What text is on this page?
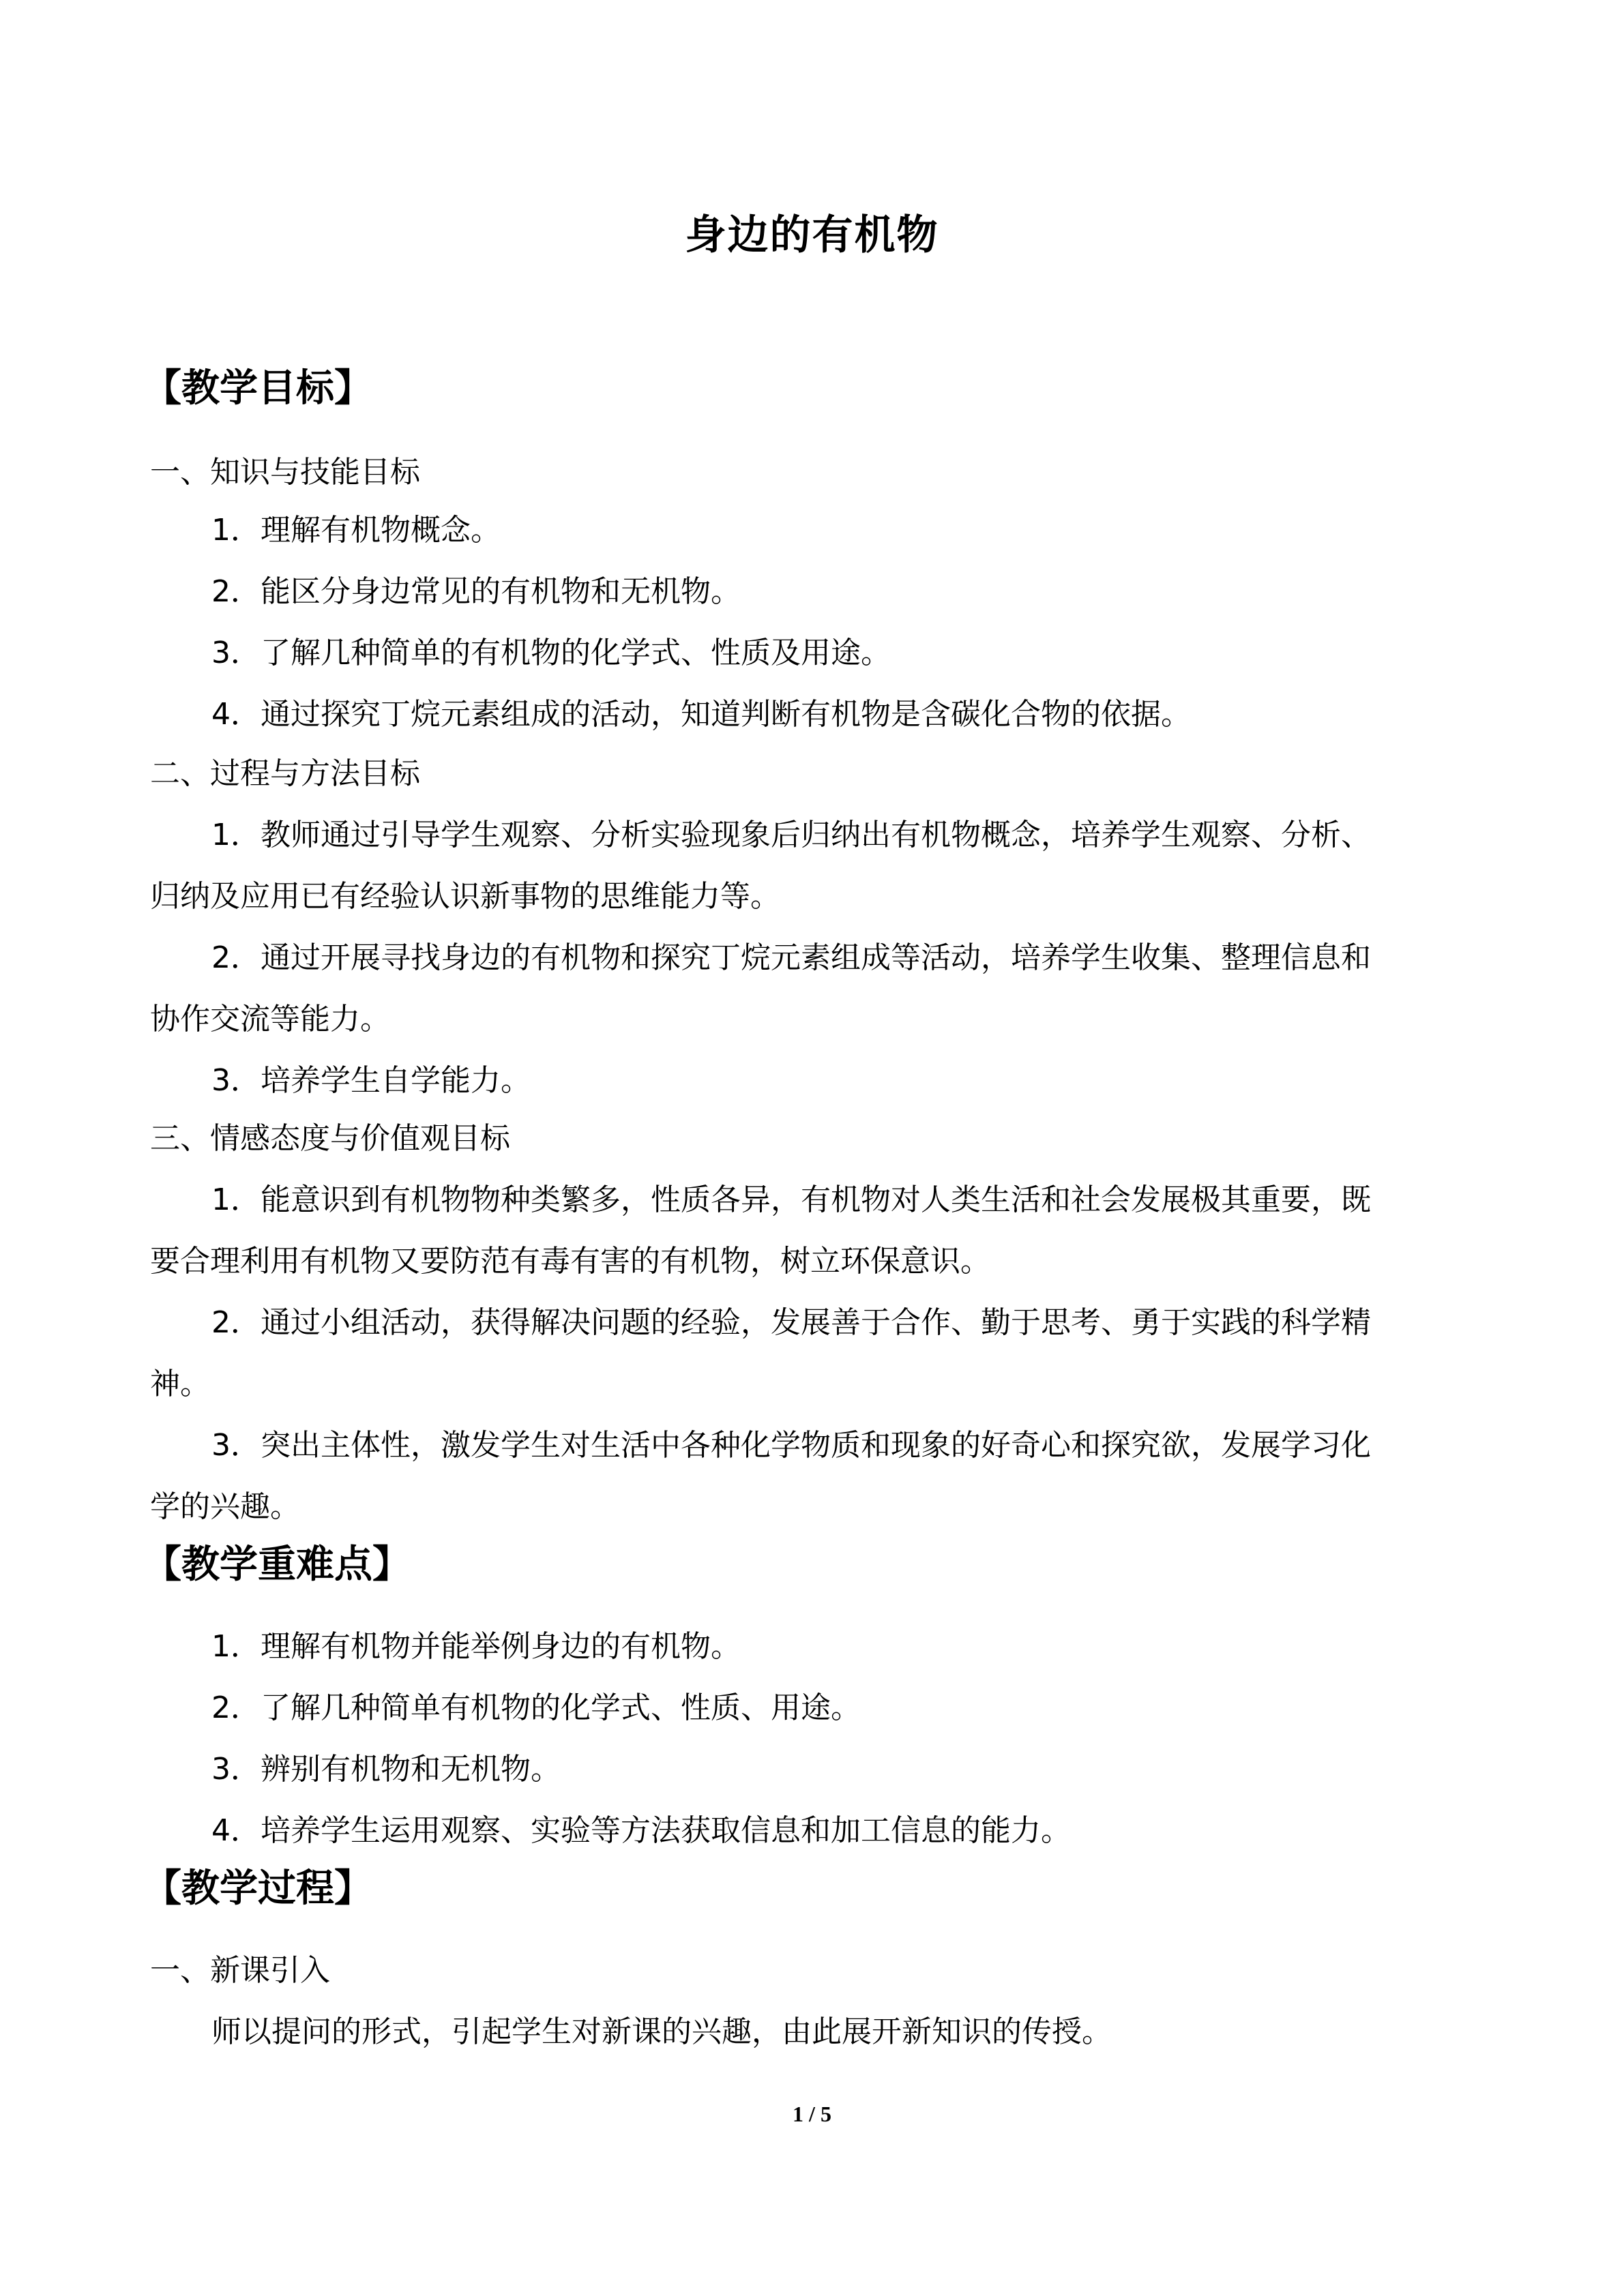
身边的有机物
【教学目标】
一、知识与技能目标
1．理解有机物概念。
2．能区分身边常见的有机物和无机物。
3．了解几种简单的有机物的化学式、性质及用途。
4．通过探究丁烷元素组成的活动，知道判断有机物是含碳化合物的依据。
二、过程与方法目标
1．教师通过引导学生观察、分析实验现象后归纳出有机物概念，培养学生观察、分析、
归纳及应用已有经验认识新事物的思维能力等。
2．通过开展寻找身边的有机物和探究丁烷元素组成等活动，培养学生收集、整理信息和
协作交流等能力。
3．培养学生自学能力。
三、情感态度与价值观目标
1．能意识到有机物物种类繁多，性质各异，有机物对人类生活和社会发展极其重要，既
要合理利用有机物又要防范有毒有害的有机物，树立环保意识。
2．通过小组活动，获得解决问题的经验，发展善于合作、勤于思考、勇于实践的科学精
神。
3．突出主体性，激发学生对生活中各种化学物质和现象的好奇心和探究欲，发展学习化
学的兴趣。
【教学重难点】
1．理解有机物并能举例身边的有机物。
2．了解几种简单有机物的化学式、性质、用途。
3．辨别有机物和无机物。
4．培养学生运用观察、实验等方法获取信息和加工信息的能力。
【教学过程】
一、新课引入
师以提问的形式，引起学生对新课的兴趣，由此展开新知识的传授。
1 / 5
